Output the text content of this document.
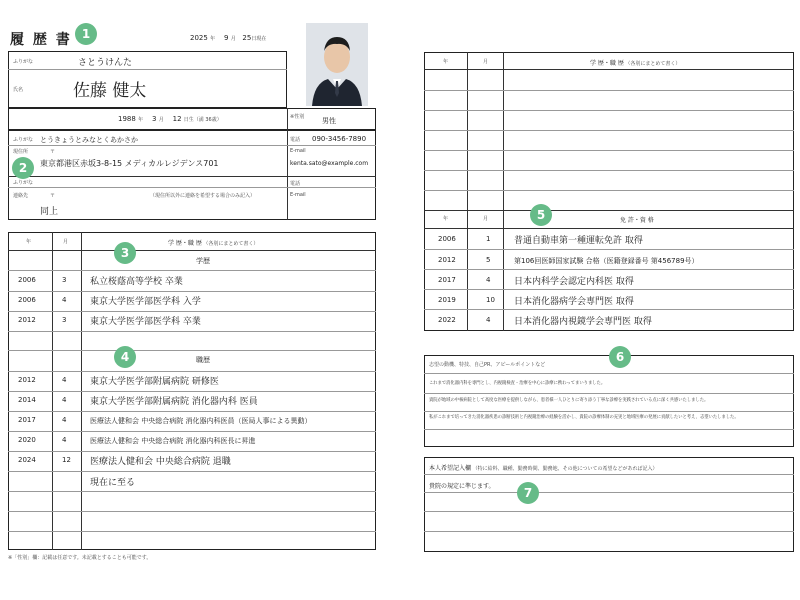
履 歴 書 1	2025 年 9 月 25日現在
ふりがな	さとうけんた
氏名	佐藤 健太
1988 年 3 月 12 日生（満 36歳）	※性別	男性
ふりがな とうきょうとみなとくあかさか	電話 090-3456-7890
現住所	〒
東京都港区赤坂3-8-15 メディカルレジデンス701
E-mail
kenta.sato@example.com
ふりがな	電話
連絡先	〒	（現住所以外に連絡を希望する場合のみ記入）	E-mail
同上
2
年	月	学 歴・職 歴 （各別にまとめて書く）
3
学歴
2006	3	私立桜蔭高等学校 卒業
2006	4	東京大学医学部医学科 入学
2012	3	東京大学医学部医学科 卒業
4	職歴
2012	4	東京大学医学部附属病院 研修医
2014	4	東京大学医学部附属病院 消化器内科 医員
2017	4	医療法人健和会 中央総合病院 消化器内科医員（医局人事による異動）
2020	4	医療法人健和会 中央総合病院 消化器内科医長に昇進
2024	12 医療法人健和会 中央総合病院 退職
現在に至る
※「性別」欄：記載は任意です。未記載とすることも可能です。
年	月	学 歴・職 歴 （各別にまとめて書く）
年	月	免 許・資 格
5
2006	1	普通自動車第一種運転免許 取得
2012	5	第106回医師国家試験 合格（医籍登録番号 第456789号）
2017	4	日本内科学会認定内科医 取得
2019	10 日本消化器病学会専門医 取得
2022	4	日本消化器内視鏡学会専門医 取得
志望の動機、特技、自己PR、アピールポイントなど
6
これまで消化器内科を専門とし、内視鏡検査・治療を中心に診療に携わってまいりました。
貴院が地域の中核病院として高度な医療を提供しながら、患者様一人ひとりに寄り添う丁寧な診療を実践されている点に深く共感いたしました。
私がこれまで培ってきた消化器疾患の診断技術と内視鏡治療の経験を活かし、貴院の診療体制の充実と地域医療の発展に貢献したいと考え、志望いたしました。
本人希望記入欄 （特に給料、職種、勤務時間、勤務地、その他についての希望などがあれば記入）
貴院の規定に準じます。	7
